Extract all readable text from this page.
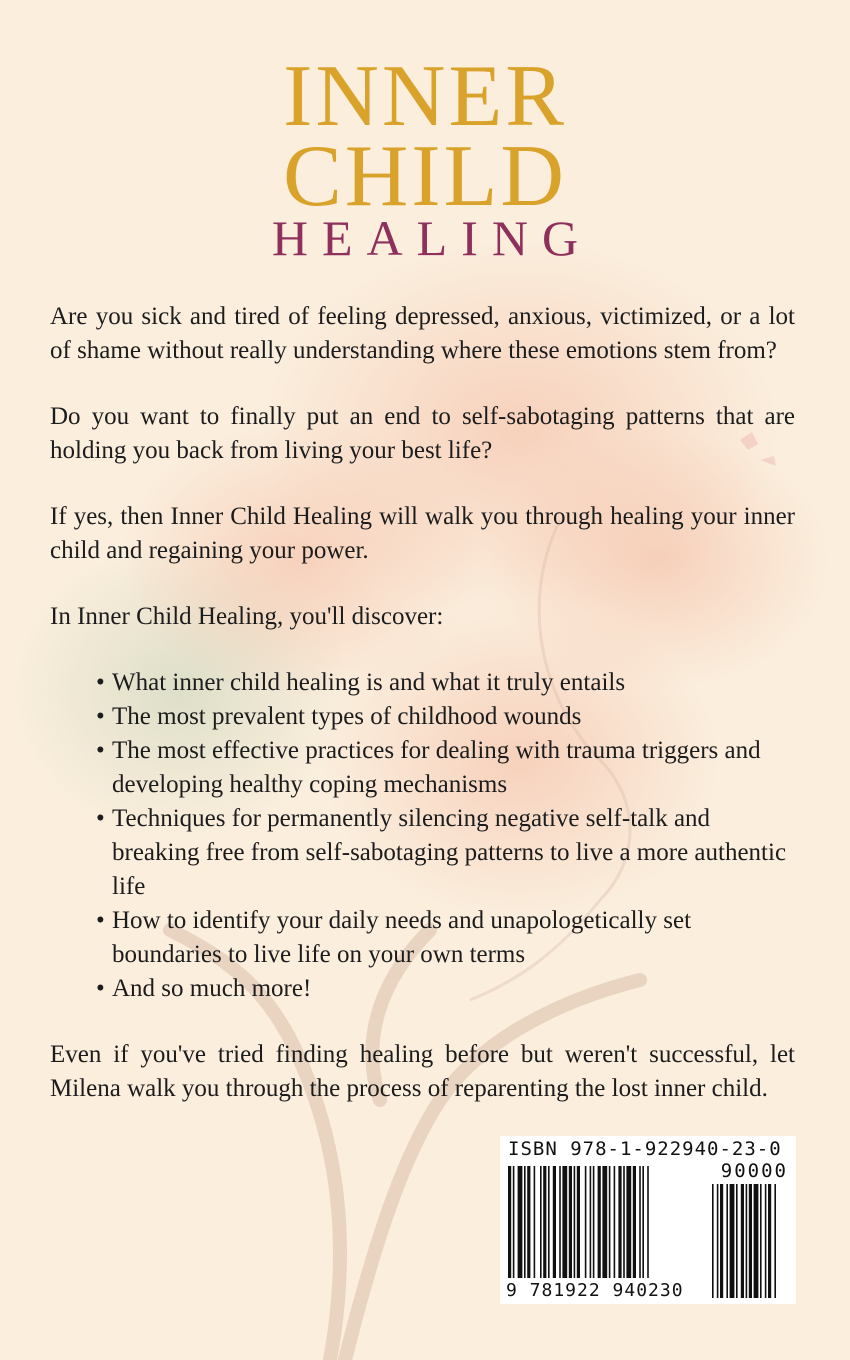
INNER
CHILD
HEALING

Are you sick and tired of feeling depressed, anxious, victimized, or a lot of shame without really understanding where these emotions stem from?

Do you want to finally put an end to self-sabotaging patterns that are holding you back from living your best life?

If yes, then Inner Child Healing will walk you through healing your inner child and regaining your power.

In Inner Child Healing, you'll discover:

• What inner child healing is and what it truly entails
• The most prevalent types of childhood wounds
• The most effective practices for dealing with trauma triggers and developing healthy coping mechanisms
• Techniques for permanently silencing negative self-talk and breaking free from self-sabotaging patterns to live a more authentic life
• How to identify your daily needs and unapologetically set boundaries to live life on your own terms
• And so much more!

Even if you've tried finding healing before but weren't successful, let Milena walk you through the process of reparenting the lost inner child.

ISBN 978-1-922940-23-0
90000
9 781922 940230
